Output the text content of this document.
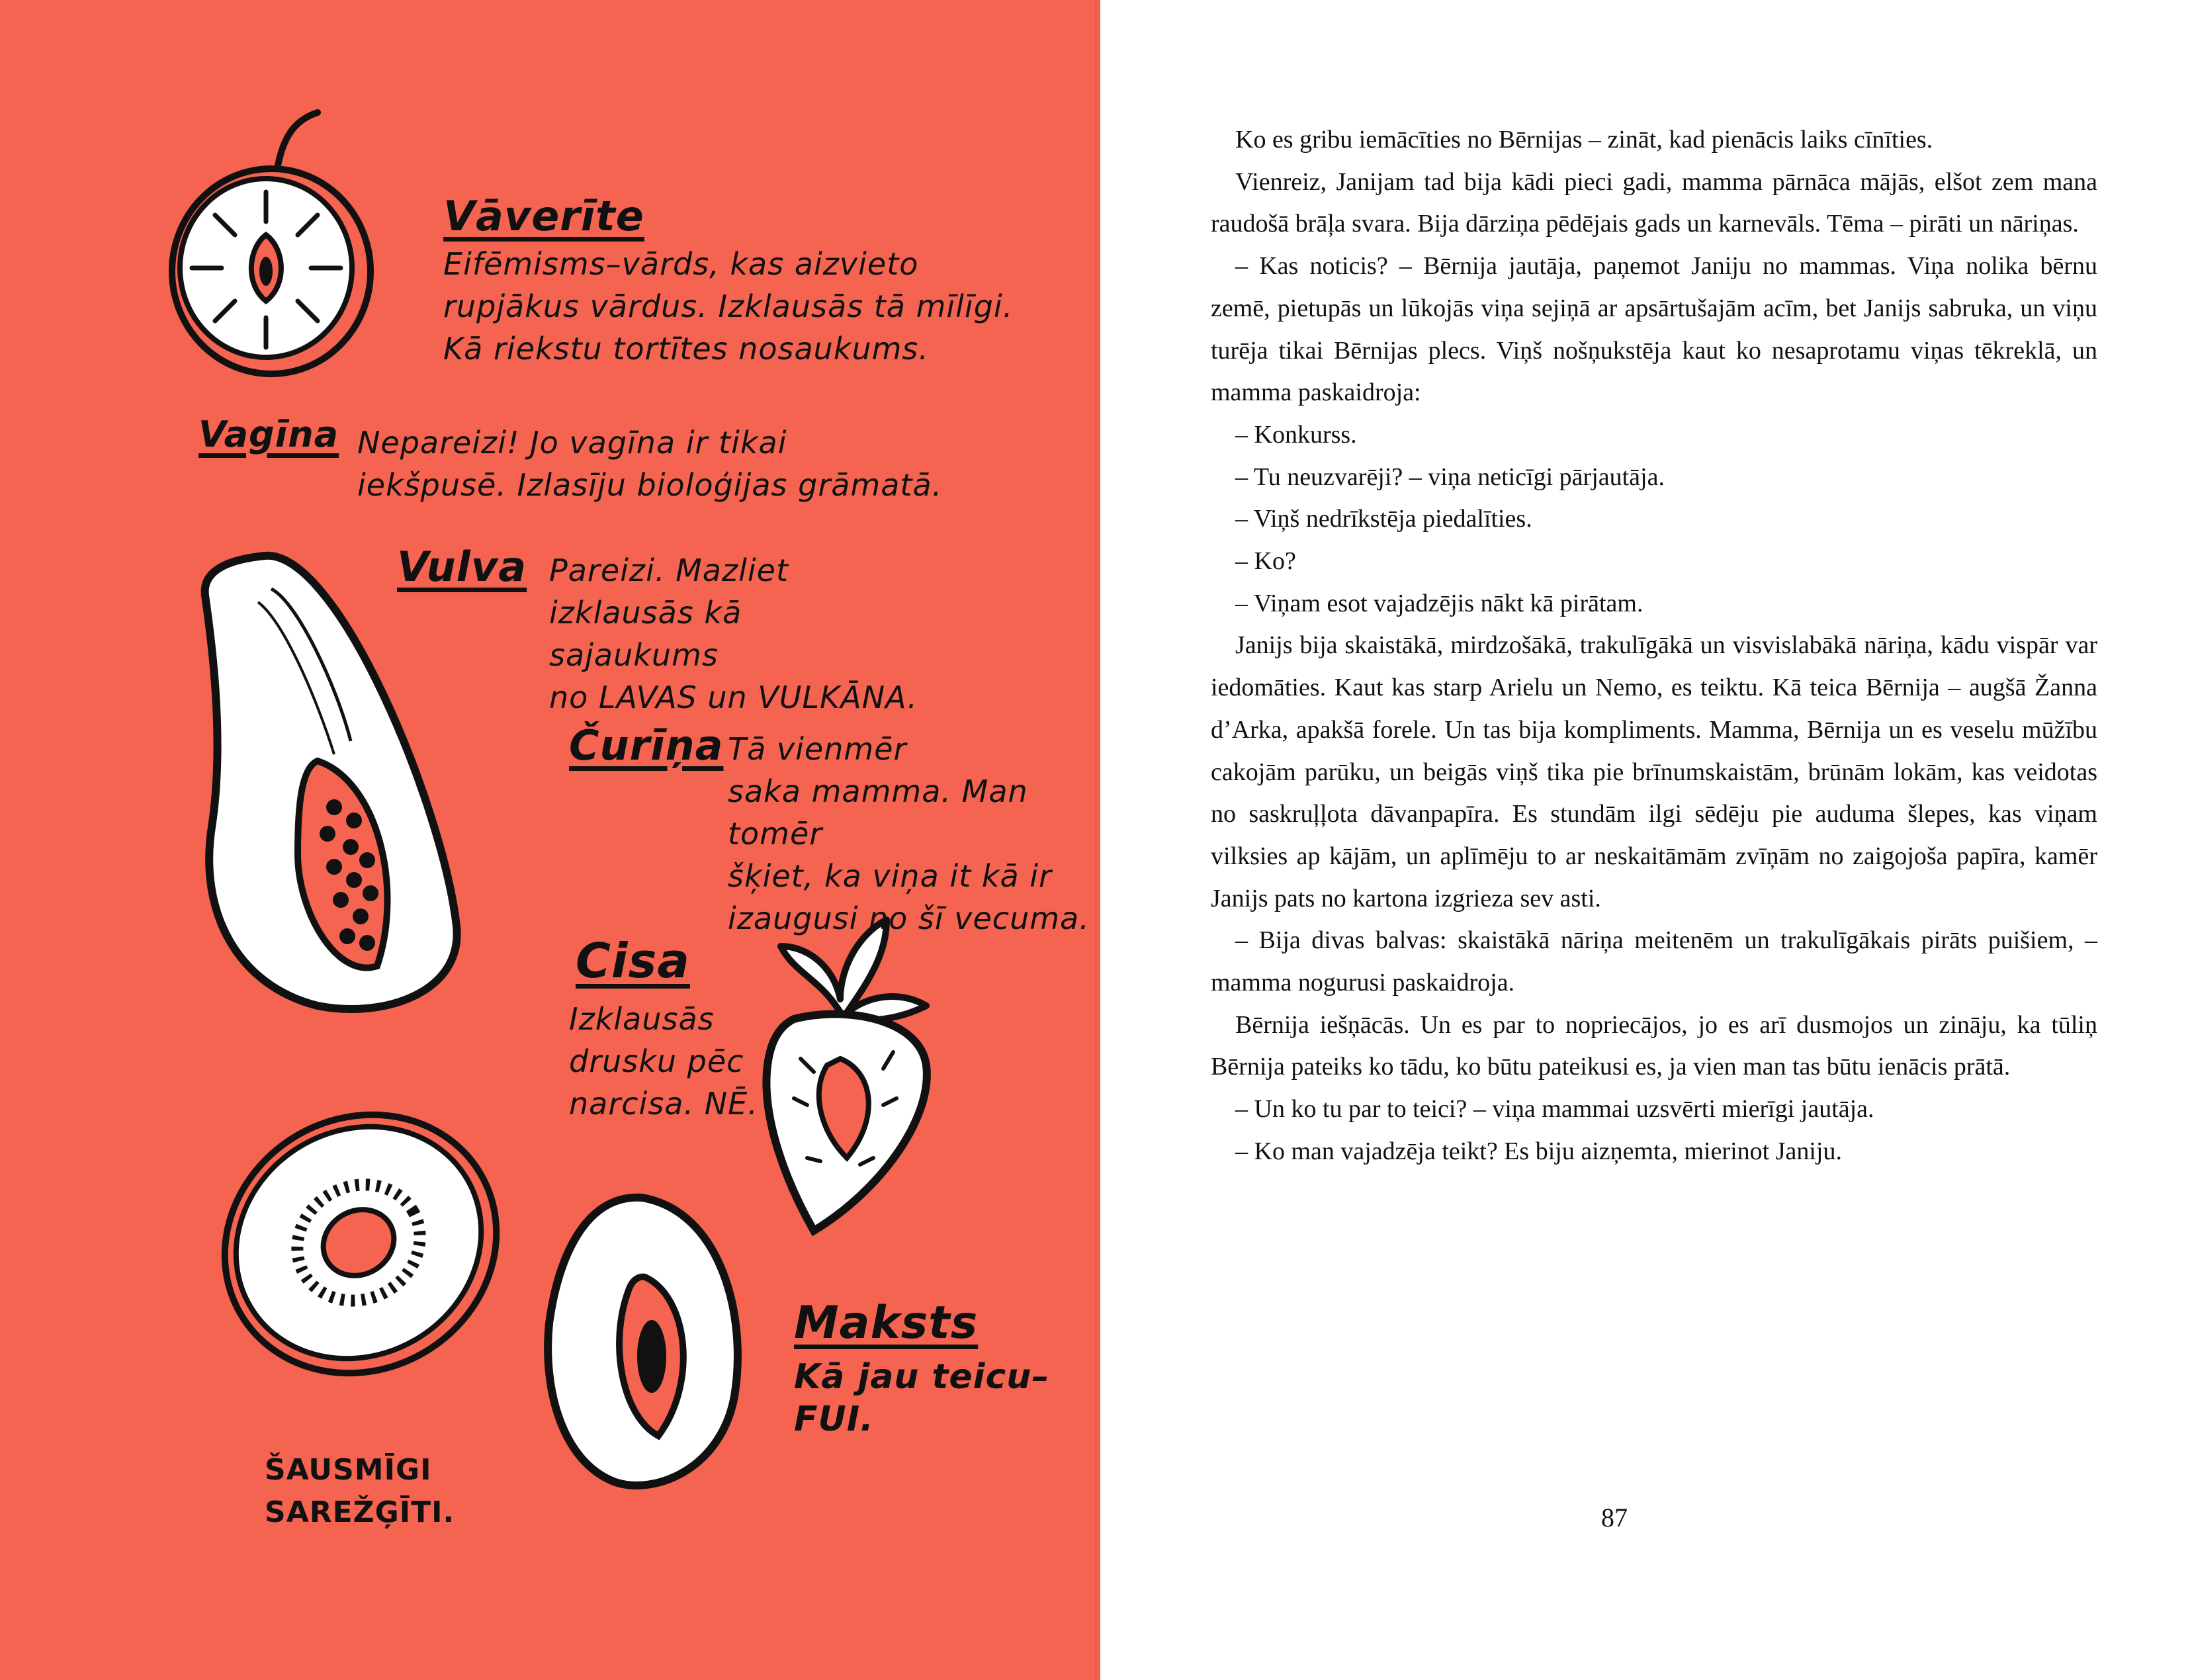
Vāverīte
Eifēmisms–vārds, kas aizvieto
rupjākus vārdus. Izklausās tā mīlīgi.
Kā riekstu tortītes nosaukums.
Vagīna Nepareizi! Jo vagīna ir tikai
iekšpusē. Izlasīju bioloģijas grāmatā.
Vulva Pareizi. Mazliet
izklausās kā sajaukums
no LAVAS un VULKĀNA.
Čurīņa Tā vienmēr
saka mamma. Man tomēr
šķiet, ka viņa it kā ir
izaugusi no šī vecuma.
Cisa
Izklausās
drusku pēc
narcisa. NĒ.
Maksts
Kā jau teicu–
FUI.
ŠAUSMĪGI
SAREŽĢĪTI.

Ko es gribu iemācīties no Bērnijas – zināt, kad pienācis laiks cīnīties.

Vienreiz, Janijam tad bija kādi pieci gadi, mamma pārnāca mājās, elšot zem mana raudošā brāļa svara. Bija dārziņa pēdējais gads un karnevāls. Tēma – pirāti un nāriņas.

– Kas noticis? – Bērnija jautāja, paņemot Janiju no mammas. Viņa nolika bērnu zemē, pietupās un lūkojās viņa sejiņā ar apsārtušajām acīm, bet Janijs sabruka, un viņu turēja tikai Bērnijas plecs. Viņš nošņukstēja kaut ko nesaprotamu viņas tēkreklā, un mamma paskaidroja:

– Konkurss.

– Tu neuzvarēji? – viņa neticīgi pārjautāja.

– Viņš nedrīkstēja piedalīties.

– Ko?

– Viņam esot vajadzējis nākt kā pirātam.

Janijs bija skaistākā, mirdzošākā, trakulīgākā un visvislabākā nāriņa, kādu vispār var iedomāties. Kaut kas starp Arielu un Nemo, es teiktu. Kā teica Bērnija – augšā Žanna d’Arka, apakšā forele. Un tas bija kompliments. Mamma, Bērnija un es veselu mūžību cakojām parūku, un beigās viņš tika pie brīnumskaistām, brūnām lokām, kas veidotas no saskruļļota dāvanpapīra. Es stundām ilgi sēdēju pie auduma šlepes, kas viņam vilksies ap kājām, un aplīmēju to ar neskaitāmām zvīņām no zaigojoša papīra, kamēr Janijs pats no kartona izgrieza sev asti.

– Bija divas balvas: skaistākā nāriņa meitenēm un trakulīgākais pirāts puišiem, – mamma nogurusi paskaidroja.

Bērnija iešņācās. Un es par to nopriecājos, jo es arī dusmojos un zināju, ka tūliņ Bērnija pateiks ko tādu, ko būtu pateikusi es, ja vien man tas būtu ienācis prātā.

– Un ko tu par to teici? – viņa mammai uzsvērti mierīgi jautāja.

– Ko man vajadzēja teikt? Es biju aizņemta, mierinot Janiju.

87
